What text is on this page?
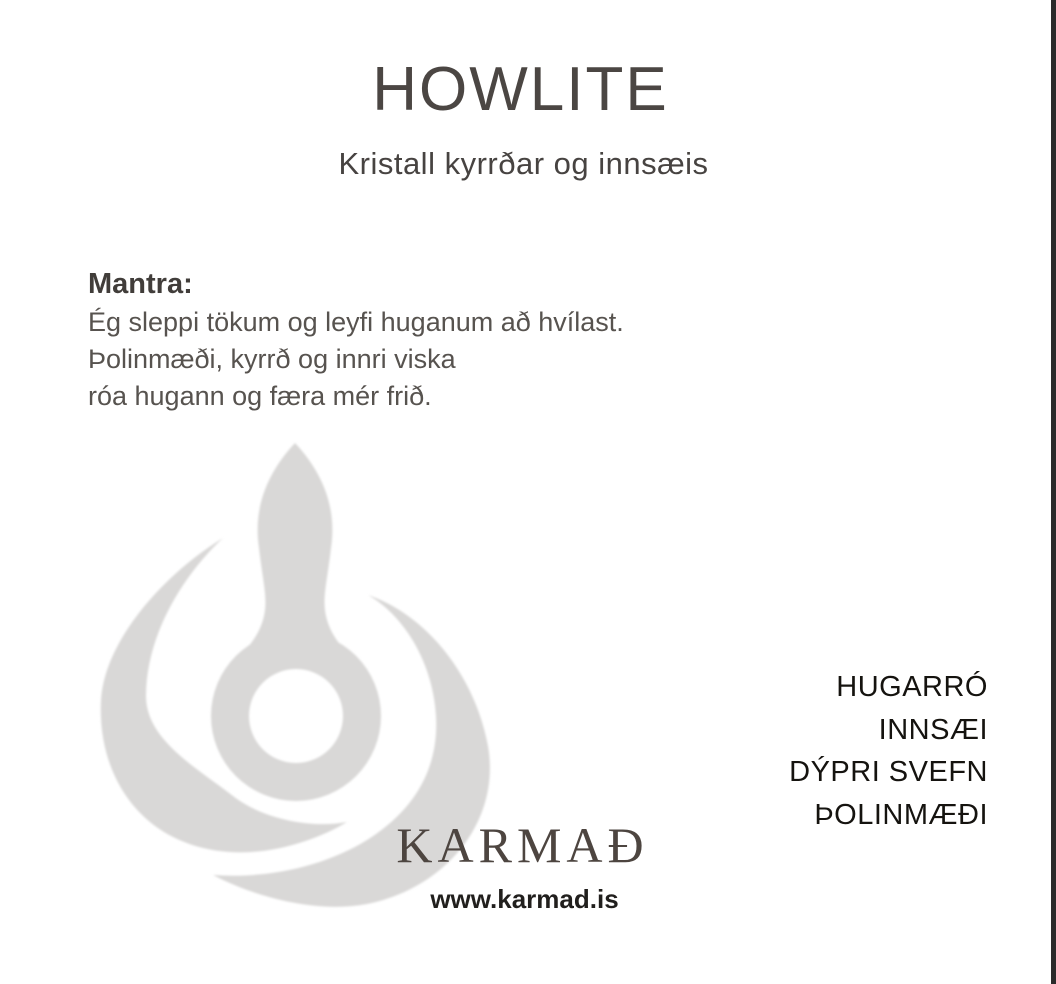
HOWLITE
Kristall kyrrðar og innsæis
Mantra:
Ég sleppi tökum og leyfi huganum að hvílast.
Þolinmæði, kyrrð og innri viska
róa hugann og færa mér frið.
HUGARRÓ
INNSÆI
DÝPRI SVEFN
ÞOLINMÆÐI
KARMAÐ
www.karmad.is
